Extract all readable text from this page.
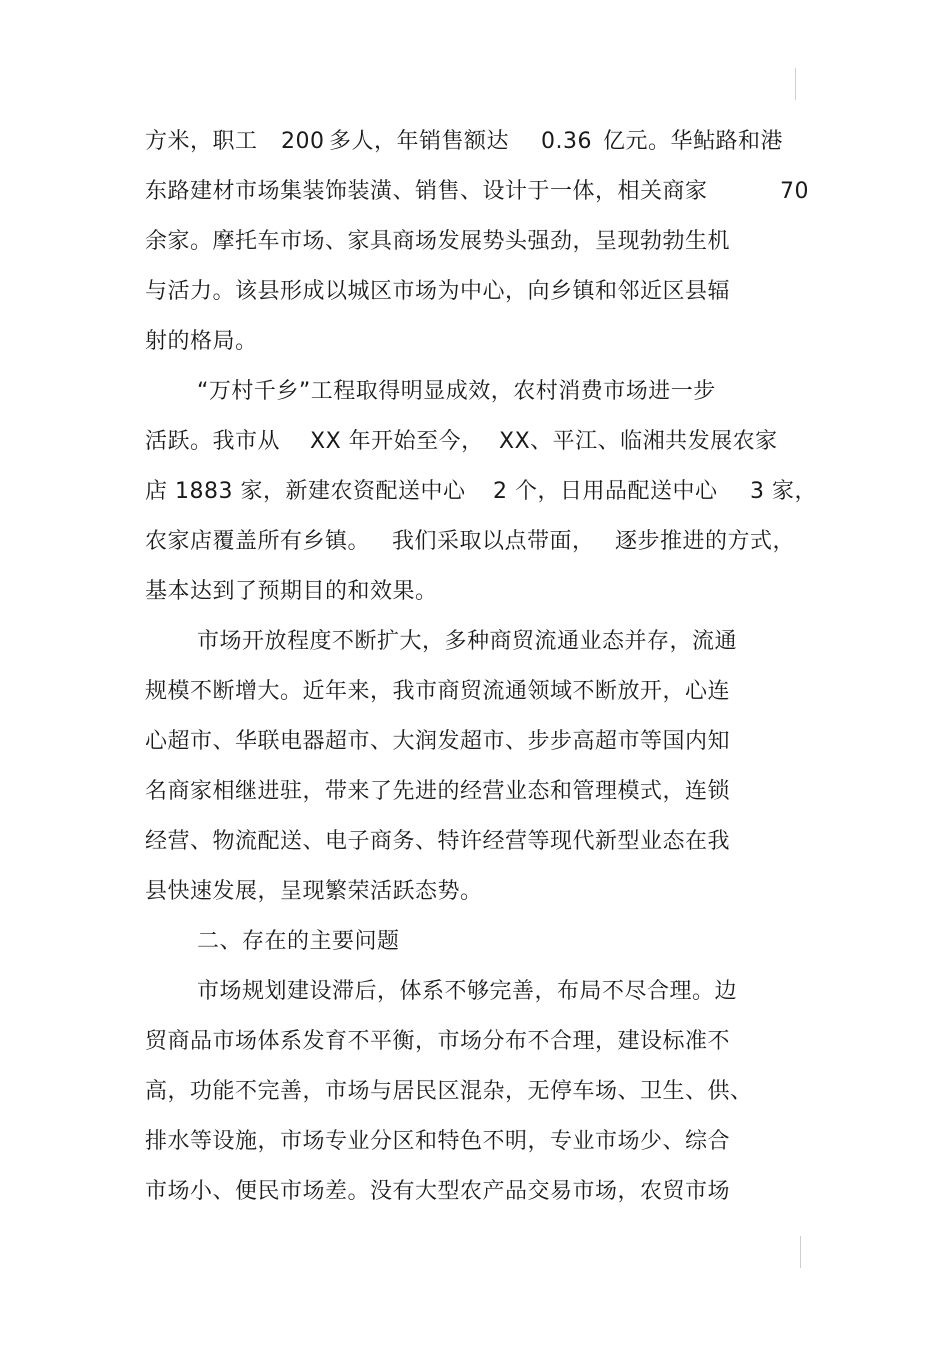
方米，职工 200 多人，年销售额达 0.36 亿元。华鲇路和港
东路建材市场集装饰装潢、销售、设计于一体，相关商家	70
余家。摩托车市场、家具商场发展势头强劲，呈现勃勃生机
与活力。该县形成以城区市场为中心，向乡镇和邻近区县辐
射的格局。
“万村千乡”工程取得明显成效，农村消费市场进一步
活跃。我市从 XX 年开始至今， XX、平江、临湘共发展农家
店 1883 家，新建农资配送中心 2 个，日用品配送中心 3 家，
农家店覆盖所有乡镇。 我们采取以点带面， 逐步推进的方式，
基本达到了预期目的和效果。
市场开放程度不断扩大，多种商贸流通业态并存，流通
规模不断增大。近年来，我市商贸流通领域不断放开，心连
心超市、华联电器超市、大润发超市、步步高超市等国内知
名商家相继进驻，带来了先进的经营业态和管理模式，连锁
经营、物流配送、电子商务、特许经营等现代新型业态在我
县快速发展，呈现繁荣活跃态势。
二、存在的主要问题
市场规划建设滞后，体系不够完善，布局不尽合理。边
贸商品市场体系发育不平衡，市场分布不合理，建设标准不
高，功能不完善，市场与居民区混杂，无停车场、卫生、供、
排水等设施，市场专业分区和特色不明，专业市场少、综合
市场小、便民市场差。没有大型农产品交易市场，农贸市场
